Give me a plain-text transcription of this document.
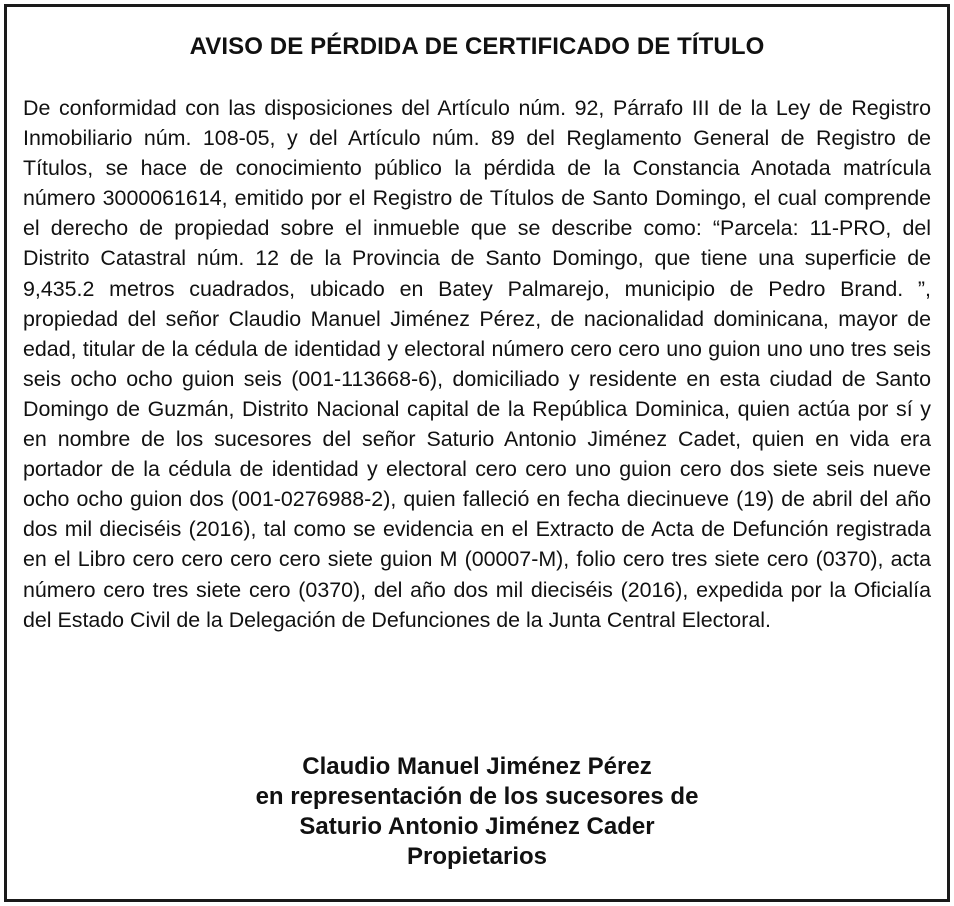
AVISO DE PÉRDIDA DE CERTIFICADO DE TÍTULO

De conformidad con las disposiciones del Artículo núm. 92, Párrafo III de la Ley de Registro Inmobiliario núm. 108-05, y del Artículo núm. 89 del Reglamento General de Registro de Títulos, se hace de conocimiento público la pérdida de la Constancia Anotada matrícula número 3000061614, emitido por el Registro de Títulos de Santo Domingo, el cual comprende el derecho de propiedad sobre el inmueble que se describe como: “Parcela: 11-PRO, del Distrito Catastral núm. 12 de la Provincia de Santo Domingo, que tiene una superficie de 9,435.2 metros cuadrados, ubicado en Batey Palmarejo, municipio de Pedro Brand. ”, propiedad del señor Claudio Manuel Jiménez Pérez, de nacionalidad dominicana, mayor de edad, titular de la cédula de identidad y electoral número cero cero uno guion uno uno tres seis seis ocho ocho guion seis (001-113668-6), domiciliado y residente en esta ciudad de Santo Domingo de Guzmán, Distrito Nacional capital de la República Dominica, quien actúa por sí y en nombre de los sucesores del señor Saturio Antonio Jiménez Cadet, quien en vida era portador de la cédula de identidad y electoral cero cero uno guion cero dos siete seis nueve ocho ocho guion dos (001-0276988-2), quien falleció en fecha diecinueve (19) de abril del año dos mil dieciséis (2016), tal como se evidencia en el Extracto de Acta de Defunción registrada en el Libro cero cero cero cero siete guion M (00007-M), folio cero tres siete cero (0370), acta número cero tres siete cero (0370), del año dos mil dieciséis (2016), expedida por la Oficialía del Estado Civil de la Delegación de Defunciones de la Junta Central Electoral.

Claudio Manuel Jiménez Pérez
en representación de los sucesores de
Saturio Antonio Jiménez Cader
Propietarios
